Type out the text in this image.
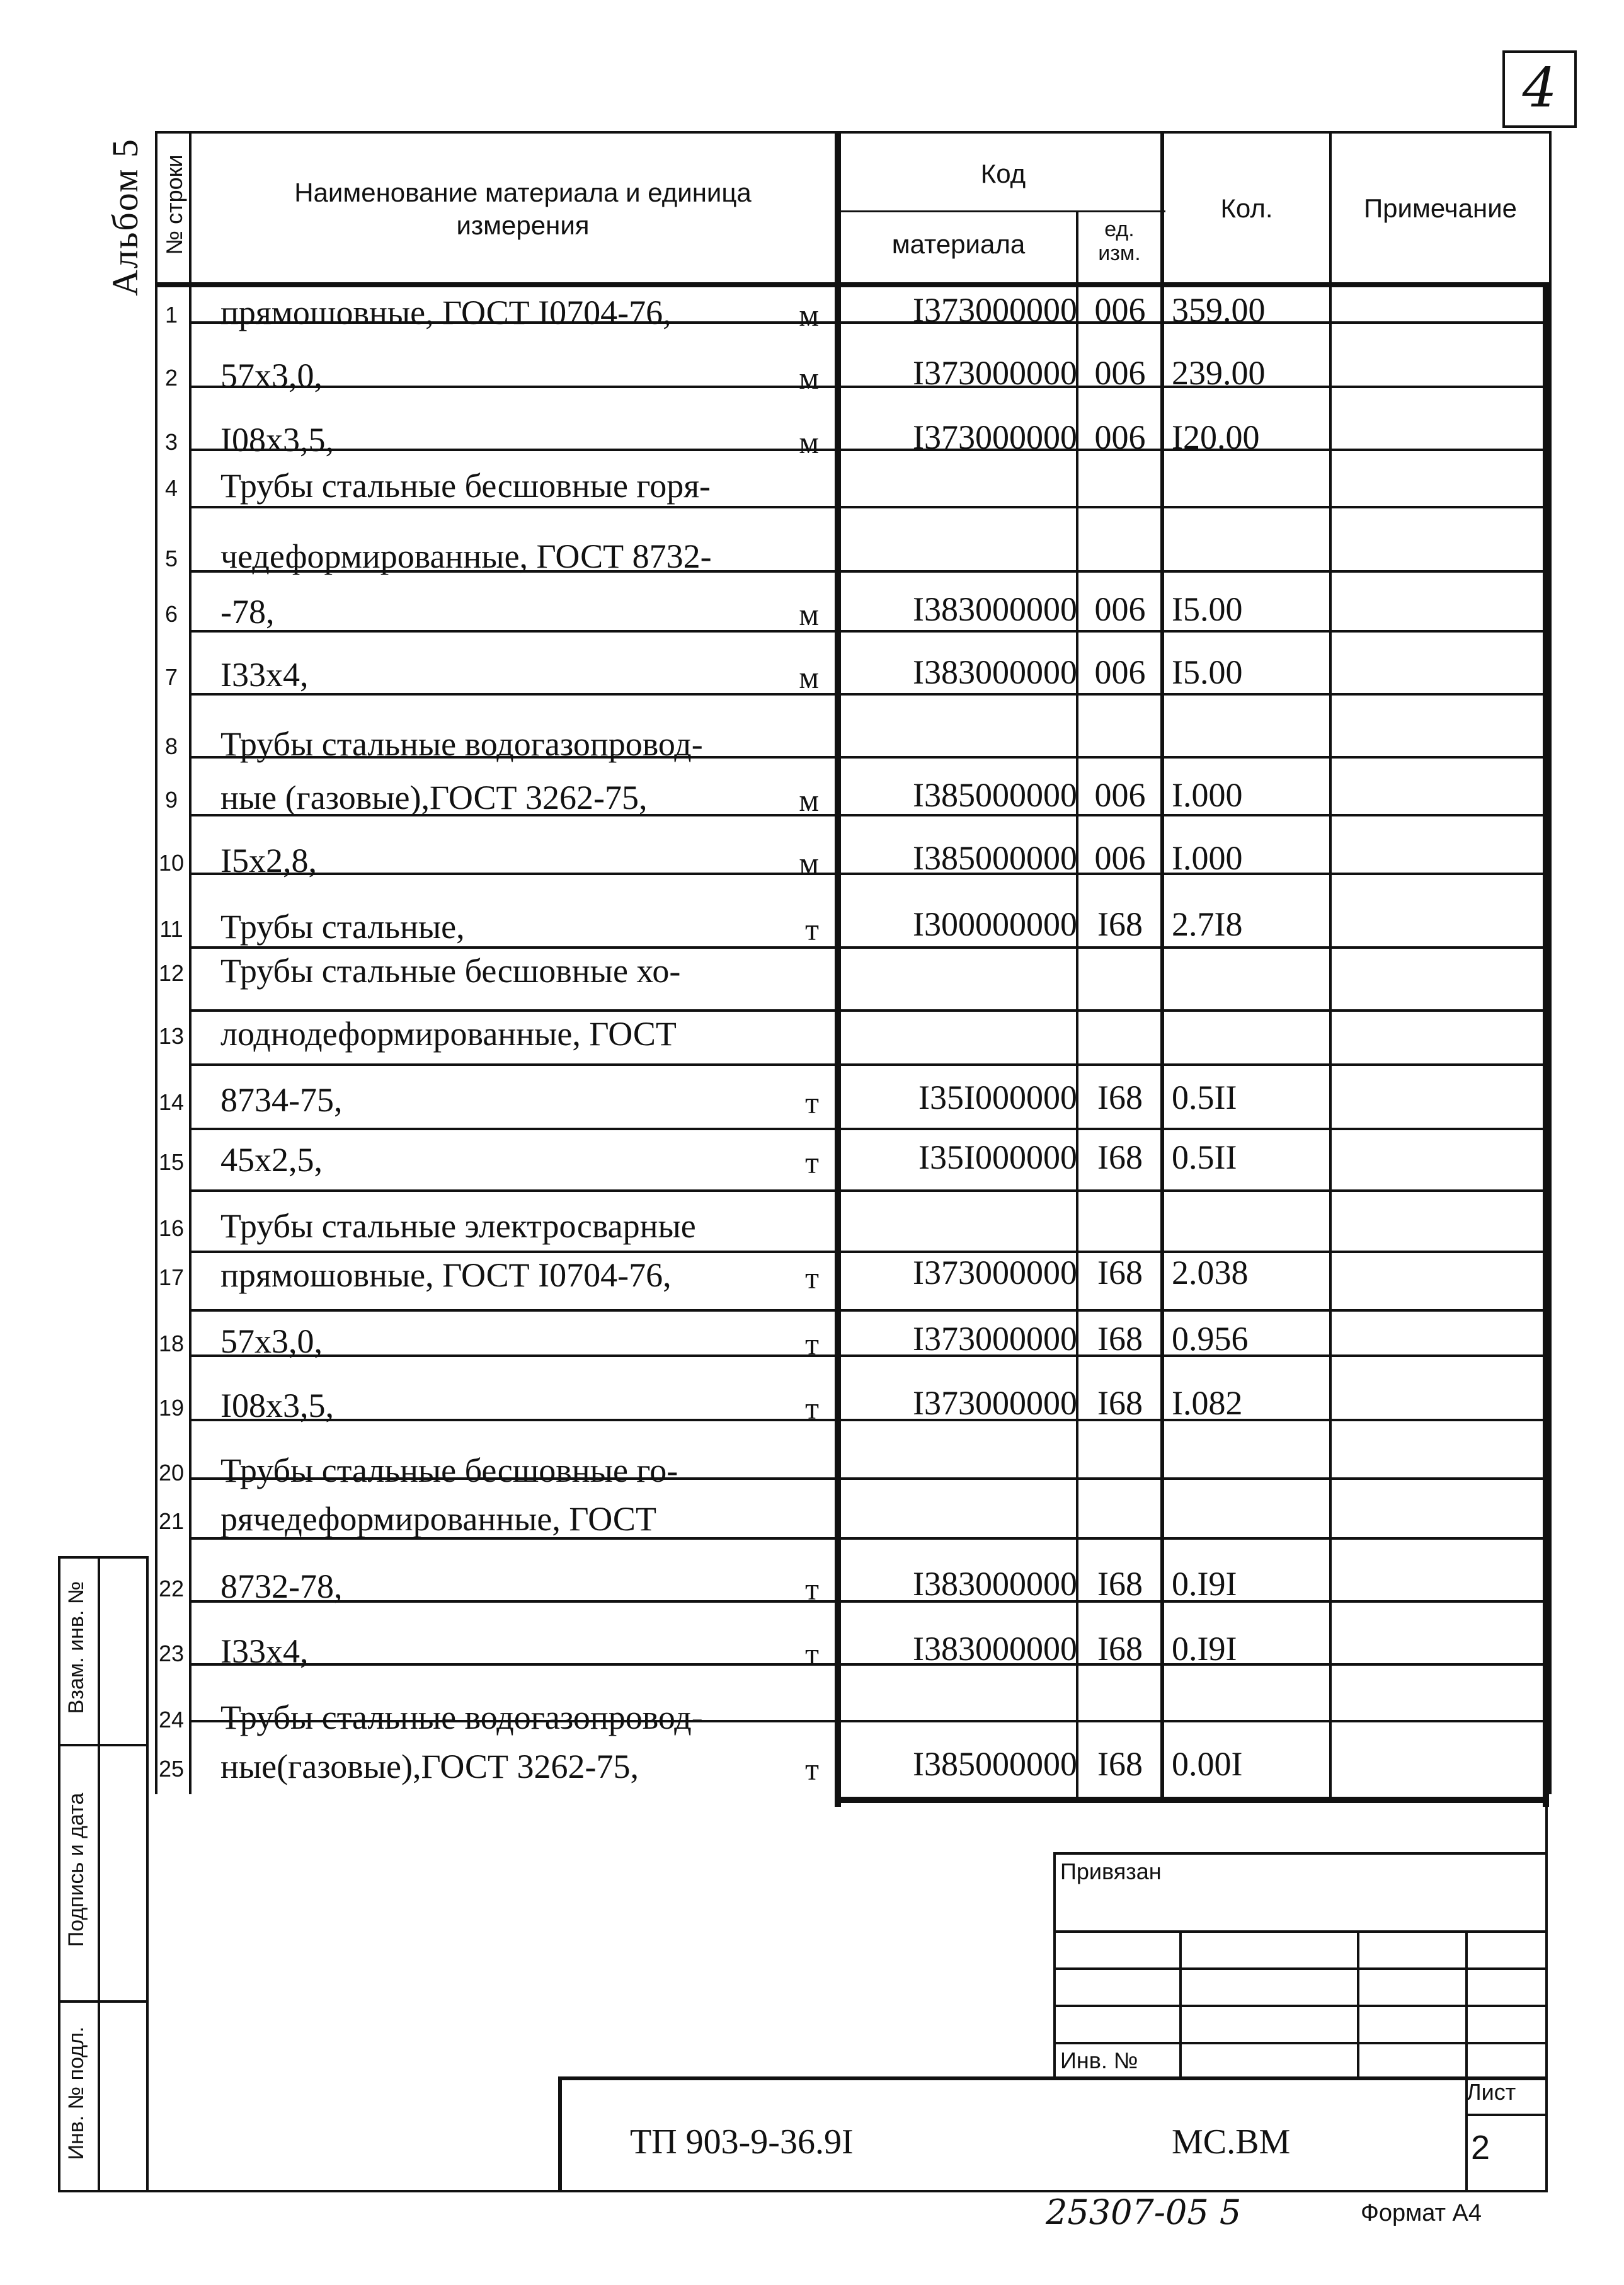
4
Альбом 5 № строки	Наименование материала и единица измерения
Код
материала	ед. изм.
Кол.	Примечание
1 прямошовные, ГОСТ I0704-76,	м	I373000000 006 359.00
2 57x3,0,	м	I373000000 006 239.00
3 I08x3,5,	м	I373000000 006 I20.00
4 Трубы стальные бесшовные горя-
5 чедеформированные, ГОСТ 8732-
6 -78,	м	I383000000 006 I5.00
7 I33x4,	м	I383000000 006 I5.00
8 Трубы стальные водогазопровод-
9 ные (газовые),ГОСТ 3262-75,	м	I385000000 006 I.000
10 I5x2,8,	м	I385000000 006 I.000
11 Трубы стальные,	т	I300000000 I68 2.7I8
12 Трубы стальные бесшовные хо-
13 лоднодеформированные, ГОСТ
14 8734-75,	т	I35I000000 I68 0.5II
15 45x2,5,	т	I35I000000 I68 0.5II
16 Трубы стальные электросварные
17 прямошовные, ГОСТ I0704-76,	т	I373000000 I68 2.038
18 57x3,0,	т	I373000000 I68 0.956
19 I08x3,5,	т	I373000000 I68 I.082
20 Трубы стальные бесшовные го-
21 рячедеформированные, ГОСТ
22 8732-78,	т	I383000000 I68 0.I9I
23 I33x4,	т	I383000000 I68 0.I9I
24 Трубы стальные водогазопровод-
25 ные(газовые),ГОСТ 3262-75,	т	I385000000 I68 0.00I
Взам. инв. №
Подпись и дата
Инв. № подл.
Привязан
Инв. №
ТП 903-9-36.9I	МС.ВМ
Лист
2
25307-05 5	Формат А4
